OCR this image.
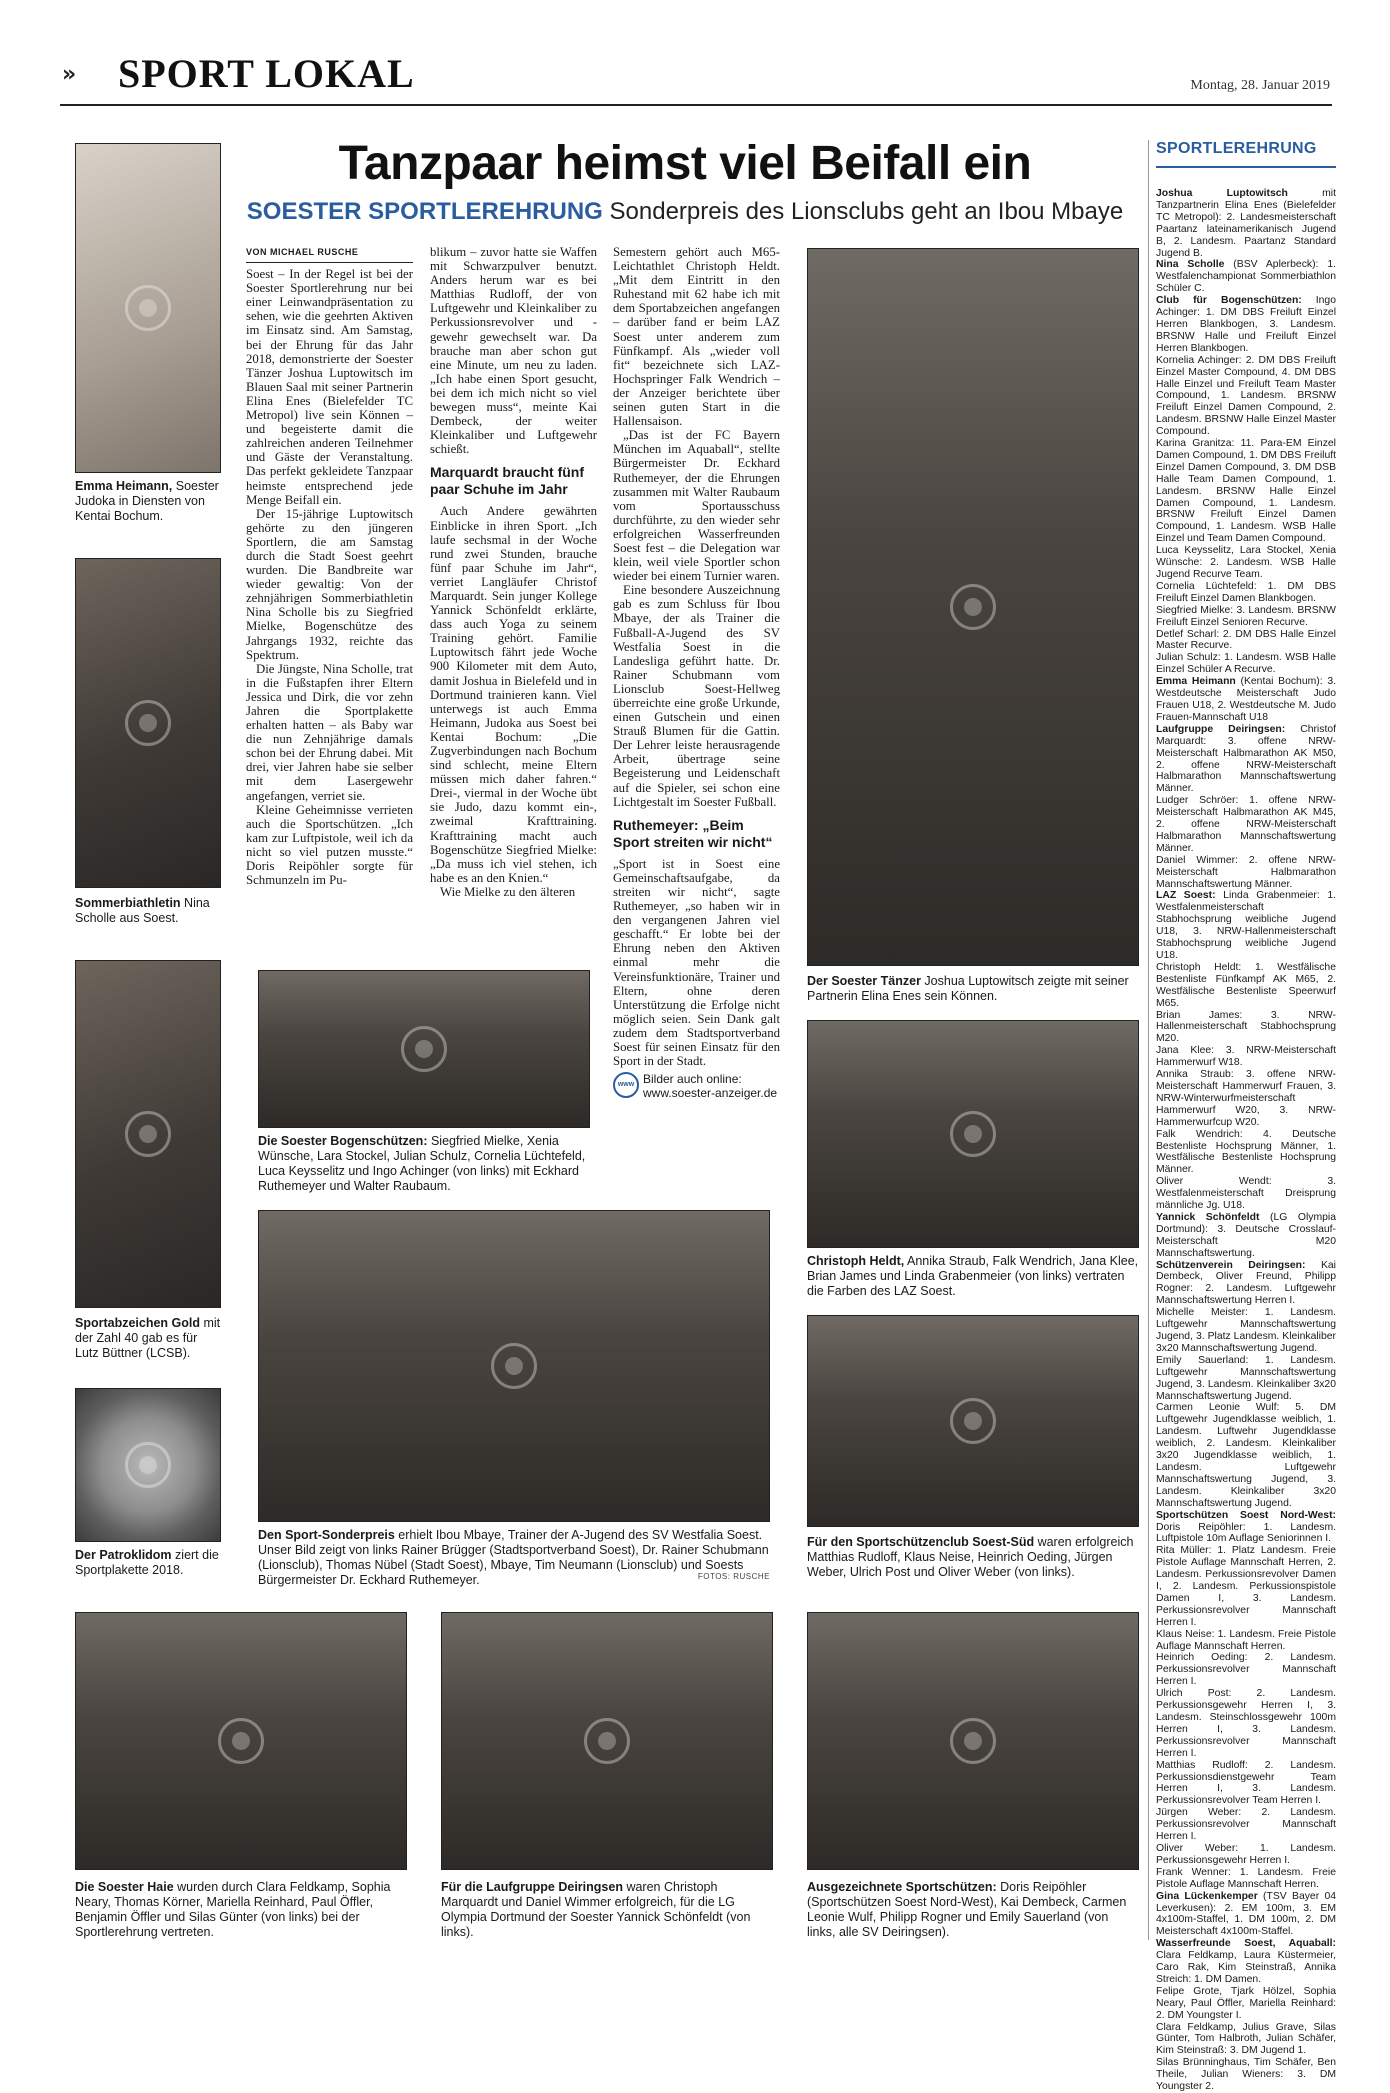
» SPORT LOKAL	Montag, 28. Januar 2019
Tanzpaar heimst viel Beifall ein
SOESTER SPORTLEREHRUNG Sonderpreis des Lionsclubs geht an Ibou Mbaye
Emma Heimann, Soester Judoka in Diensten von Kentai Bochum.
Sommerbiathletin Nina Scholle aus Soest.
Sportabzeichen Gold mit der Zahl 40 gab es für Lutz Büttner (LCSB).
Der Patroklidom ziert die Sportplakette 2018.
VON MICHAEL RUSCHE

Soest – In der Regel ist bei der Soester Sportlerehrung nur bei einer Leinwandpräsentation zu sehen, wie die geehrten Aktiven im Einsatz sind. Am Samstag, bei der Ehrung für das Jahr 2018, demonstrierte der Soester Tänzer Joshua Luptowitsch im Blauen Saal mit seiner Partnerin Elina Enes (Bielefelder TC Metropol) live sein Können – und begeisterte damit die zahlreichen anderen Teilnehmer und Gäste der Veranstaltung. Das perfekt gekleidete Tanzpaar heimste entsprechend jede Menge Beifall ein.

Der 15-jährige Luptowitsch gehörte zu den jüngeren Sportlern, die am Samstag durch die Stadt Soest geehrt wurden. Die Bandbreite war wieder gewaltig: Von der zehnjährigen Sommerbiathletin Nina Scholle bis zu Siegfried Mielke, Bogenschütze des Jahrgangs 1932, reichte das Spektrum.

Die Jüngste, Nina Scholle, trat in die Fußstapfen ihrer Eltern Jessica und Dirk, die vor zehn Jahren die Sportplakette erhalten hatten – als Baby war die nun Zehnjährige damals schon bei der Ehrung dabei. Mit drei, vier Jahren habe sie selber mit dem Lasergewehr angefangen, verriet sie.

Kleine Geheimnisse verrieten auch die Sportschützen. „Ich kam zur Luftpistole, weil ich da nicht so viel putzen musste.“ Doris Reipöhler sorgte für Schmunzeln im Pu-

blikum – zuvor hatte sie Waffen mit Schwarzpulver benutzt. Anders herum war es bei Matthias Rudloff, der von Luftgewehr und Kleinkaliber zu Perkussionsrevolver und -gewehr gewechselt war. Da brauche man aber schon gut eine Minute, um neu zu laden. „Ich habe einen Sport gesucht, bei dem ich mich nicht so viel bewegen muss“, meinte Kai Dembeck, der weiter Kleinkaliber und Luftgewehr schießt.

Marquardt braucht fünf paar Schuhe im Jahr

Auch Andere gewährten Einblicke in ihren Sport. „Ich laufe sechsmal in der Woche rund zwei Stunden, brauche fünf paar Schuhe im Jahr“, verriet Langläufer Christof Marquardt. Sein junger Kollege Yannick Schönfeldt erklärte, dass auch Yoga zu seinem Training gehört. Familie Luptowitsch fährt jede Woche 900 Kilometer mit dem Auto, damit Joshua in Bielefeld und in Dortmund trainieren kann. Viel unterwegs ist auch Emma Heimann, Judoka aus Soest bei Kentai Bochum: „Die Zugverbindungen nach Bochum sind schlecht, meine Eltern müssen mich daher fahren.“ Drei-, viermal in der Woche übt sie Judo, dazu kommt ein-, zweimal Krafttraining. Krafttraining macht auch Bogenschütze Siegfried Mielke: „Da muss ich viel stehen, ich habe es an den Knien.“

Wie Mielke zu den älteren

Semestern gehört auch M65-Leichtathlet Christoph Heldt. „Mit dem Eintritt in den Ruhestand mit 62 habe ich mit dem Sportabzeichen angefangen – darüber fand er beim LAZ Soest unter anderem zum Fünfkampf. Als „wieder voll fit“ bezeichnete sich LAZ-Hochspringer Falk Wendrich – der Anzeiger berichtete über seinen guten Start in die Hallensaison.

„Das ist der FC Bayern München im Aquaball“, stellte Bürgermeister Dr. Eckhard Ruthemeyer, der die Ehrungen zusammen mit Walter Raubaum vom Sportausschuss durchführte, zu den wieder sehr erfolgreichen Wasserfreunden Soest fest – die Delegation war klein, weil viele Sportler schon wieder bei einem Turnier waren.

Eine besondere Auszeichnung gab es zum Schluss für Ibou Mbaye, der als Trainer die Fußball-A-Jugend des SV Westfalia Soest in die Landesliga geführt hatte. Dr. Rainer Schubmann vom Lionsclub Soest-Hellweg überreichte eine große Urkunde, einen Gutschein und einen Strauß Blumen für die Gattin. Der Lehrer leiste herausragende Arbeit, übertrage seine Begeisterung und Leidenschaft auf die Spieler, sei schon eine Lichtgestalt im Soester Fußball.

Ruthemeyer: „Beim Sport streiten wir nicht“

„Sport ist in Soest eine Gemeinschaftsaufgabe, da streiten wir nicht“, sagte Ruthemeyer, „so haben wir in den vergangenen Jahren viel geschafft.“ Er lobte bei der Ehrung neben den Aktiven einmal mehr die Vereinsfunktionäre, Trainer und Eltern, ohne deren Unterstützung die Erfolge nicht möglich seien. Sein Dank galt zudem dem Stadtsportverband Soest für seinen Einsatz für den Sport in der Stadt.

www Bilder auch online:
www.soester-anzeiger.de
Die Soester Bogenschützen: Siegfried Mielke, Xenia Wünsche, Lara Stockel, Julian Schulz, Cornelia Lüchtefeld, Luca Keysselitz und Ingo Achinger (von links) mit Eckhard Ruthemeyer und Walter Raubaum.
Den Sport-Sonderpreis erhielt Ibou Mbaye, Trainer der A-Jugend des SV Westfalia Soest. Unser Bild zeigt von links Rainer Brügger (Stadtsportverband Soest), Dr. Rainer Schubmann (Lionsclub), Thomas Nübel (Stadt Soest), Mbaye, Tim Neumann (Lionsclub) und Soests Bürgermeister Dr. Eckhard Ruthemeyer.	FOTOS: RUSCHE
Der Soester Tänzer Joshua Luptowitsch zeigte mit seiner Partnerin Elina Enes sein Können.
Christoph Heldt, Annika Straub, Falk Wendrich, Jana Klee, Brian James und Linda Grabenmeier (von links) vertraten die Farben des LAZ Soest.
Für den Sportschützenclub Soest-Süd waren erfolgreich Matthias Rudloff, Klaus Neise, Heinrich Oeding, Jürgen Weber, Ulrich Post und Oliver Weber (von links).
Die Soester Haie wurden durch Clara Feldkamp, Sophia Neary, Thomas Körner, Mariella Reinhard, Paul Öffler, Benjamin Öffler und Silas Günter (von links) bei der Sportlerehrung vertreten.
Für die Laufgruppe Deiringsen waren Christoph Marquardt und Daniel Wimmer erfolgreich, für die LG Olympia Dortmund der Soester Yannick Schönfeldt (von links).
Ausgezeichnete Sportschützen: Doris Reipöhler (Sportschützen Soest Nord-West), Kai Dembeck, Carmen Leonie Wulf, Philipp Rogner und Emily Sauerland (von links, alle SV Deiringsen).
SPORTLEREHRUNG
Joshua Luptowitsch mit Tanzpartnerin Elina Enes (Bielefelder TC Metropol): 2. Landesmeisterschaft Paartanz lateinamerikanisch Jugend B, 2. Landesm. Paartanz Standard Jugend B.
Nina Scholle (BSV Aplerbeck): 1. Westfalenchampionat Sommerbiathlon Schüler C.
Club für Bogenschützen: Ingo Achinger: 1. DM DBS Freiluft Einzel Herren Blankbogen, 3. Landesm. BRSNW Halle und Freiluft Einzel Herren Blankbogen.
Kornelia Achinger: 2. DM DBS Freiluft Einzel Master Compound, 4. DM DBS Halle Einzel und Freiluft Team Master Compound, 1. Landesm. BRSNW Freiluft Einzel Damen Compound, 2. Landesm. BRSNW Halle Einzel Master Compound.
Karina Granitza: 11. Para-EM Einzel Damen Compound, 1. DM DBS Freiluft Einzel Damen Compound, 3. DM DSB Halle Team Damen Compound, 1. Landesm. BRSNW Halle Einzel Damen Compound, 1. Landesm. BRSNW Freiluft Einzel Damen Compound, 1. Landesm. WSB Halle Einzel und Team Damen Compound.
Luca Keysselitz, Lara Stockel, Xenia Wünsche: 2. Landesm. WSB Halle Jugend Recurve Team.
Cornelia Lüchtefeld: 1. DM DBS Freiluft Einzel Damen Blankbogen.
Siegfried Mielke: 3. Landesm. BRSNW Freiluft Einzel Senioren Recurve.
Detlef Scharl: 2. DM DBS Halle Einzel Master Recurve.
Julian Schulz: 1. Landesm. WSB Halle Einzel Schüler A Recurve.
Emma Heimann (Kentai Bochum): 3. Westdeutsche Meisterschaft Judo Frauen U18, 2. Westdeutsche M. Judo Frauen-Mannschaft U18
Laufgruppe Deiringsen: Christof Marquardt: 3. offene NRW-Meisterschaft Halbmarathon AK M50, 2. offene NRW-Meisterschaft Halbmarathon Mannschaftswertung Männer.
Ludger Schröer: 1. offene NRW-Meisterschaft Halbmarathon AK M45, 2. offene NRW-Meisterschaft Halbmarathon Mannschaftswertung Männer.
Daniel Wimmer: 2. offene NRW-Meisterschaft Halbmarathon Mannschaftswertung Männer.
LAZ Soest: Linda Grabenmeier: 1. Westfalenmeisterschaft Stabhochsprung weibliche Jugend U18, 3. NRW-Hallenmeisterschaft Stabhochsprung weibliche Jugend U18.
Christoph Heldt: 1. Westfälische Bestenliste Fünfkampf AK M65, 2. Westfälische Bestenliste Speerwurf M65.
Brian James: 3. NRW-Hallenmeisterschaft Stabhochsprung M20.
Jana Klee: 3. NRW-Meisterschaft Hammerwurf W18.
Annika Straub: 3. offene NRW-Meisterschaft Hammerwurf Frauen, 3. NRW-Winterwurfmeisterschaft Hammerwurf W20, 3. NRW-Hammerwurfcup W20.
Falk Wendrich: 4. Deutsche Bestenliste Hochsprung Männer, 1. Westfälische Bestenliste Hochsprung Männer.
Oliver Wendt: 3. Westfalenmeisterschaft Dreisprung männliche Jg. U18.
Yannick Schönfeldt (LG Olympia Dortmund): 3. Deutsche Crosslauf-Meisterschaft M20 Mannschaftswertung.
Schützenverein Deiringsen: Kai Dembeck, Oliver Freund, Philipp Rogner: 2. Landesm. Luftgewehr Mannschaftswertung Herren I.
Michelle Meister: 1. Landesm. Luftgewehr Mannschaftswertung Jugend, 3. Platz Landesm. Kleinkaliber 3x20 Mannschaftswertung Jugend.
Emily Sauerland: 1. Landesm. Luftgewehr Mannschaftswertung Jugend, 3. Landesm. Kleinkaliber 3x20 Mannschaftswertung Jugend.
Carmen Leonie Wulf: 5. DM Luftgewehr Jugendklasse weiblich, 1. Landesm. Luftwehr Jugendklasse weiblich, 2. Landesm. Kleinkaliber 3x20 Jugendklasse weiblich, 1. Landesm. Luftgewehr Mannschaftswertung Jugend, 3. Landesm. Kleinkaliber 3x20 Mannschaftswertung Jugend.
Sportschützen Soest Nord-West: Doris Reipöhler: 1. Landesm. Luftpistole 10m Auflage Seniorinnen I.
Rita Müller: 1. Platz Landesm. Freie Pistole Auflage Mannschaft Herren, 2. Landesm. Perkussionsrevolver Damen I, 2. Landesm. Perkussionspistole Damen I, 3. Landesm. Perkussionsrevolver Mannschaft Herren I.
Klaus Neise: 1. Landesm. Freie Pistole Auflage Mannschaft Herren.
Heinrich Oeding: 2. Landesm. Perkussionsrevolver Mannschaft Herren I.
Ulrich Post: 2. Landesm. Perkussionsgewehr Herren I, 3. Landesm. Steinschlossgewehr 100m Herren I, 3. Landesm. Perkussionsrevolver Mannschaft Herren I.
Matthias Rudloff: 2. Landesm. Perkussionsdienstgewehr Team Herren I, 3. Landesm. Perkussionsrevolver Team Herren I.
Jürgen Weber: 2. Landesm. Perkussionsrevolver Mannschaft Herren I.
Oliver Weber: 1. Landesm. Perkussionsgewehr Herren I.
Frank Wenner: 1. Landesm. Freie Pistole Auflage Mannschaft Herren.
Gina Lückenkemper (TSV Bayer 04 Leverkusen): 2. EM 100m, 3. EM 4x100m-Staffel, 1. DM 100m, 2. DM Meisterschaft 4x100m-Staffel.
Wasserfreunde Soest, Aquaball: Clara Feldkamp, Laura Küstermeier, Caro Rak, Kim Steinstraß, Annika Streich: 1. DM Damen.
Felipe Grote, Tjark Hölzel, Sophia Neary, Paul Öffler, Mariella Reinhard: 2. DM Youngster I.
Clara Feldkamp, Julius Grave, Silas Günter, Tom Halbroth, Julian Schäfer, Kim Steinstraß: 3. DM Jugend 1.
Silas Brünninghaus, Tim Schäfer, Ben Theile, Julian Wieners: 3. DM Youngster 2.
